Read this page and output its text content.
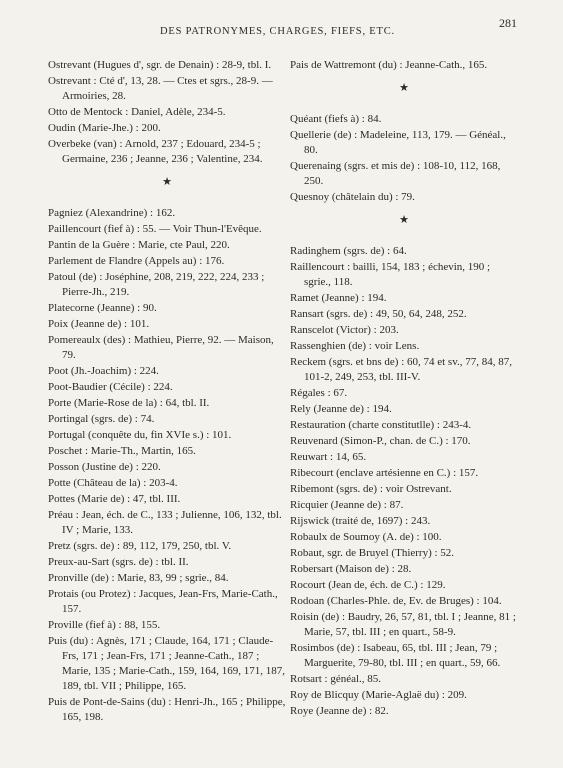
DES PATRONYMES, CHARGES, FIEFS, ETC.
281
Ostrevant (Hugues d', sgr. de Denain) : 28-9, tbl. I.
Ostrevant : Cté d', 13, 28. — Ctes et sgrs., 28-9. — Armoiries, 28.
Otto de Mentock : Daniel, Adèle, 234-5.
Oudin (Marie-Jhe.) : 200.
Overbeke (van) : Arnold, 237 ; Edouard, 234-5 ; Germaine, 236 ; Jeanne, 236 ; Valentine, 234.
★
Pagniez (Alexandrine) : 162.
Paillencourt (fief à) : 55. — Voir Thun-l'Evêque.
Pantin de la Guère : Marie, cte Paul, 220.
Parlement de Flandre (Appels au) : 176.
Patoul (de) : Joséphine, 208, 219, 222, 224, 233 ; Pierre-Jh., 219.
Platecorne (Jeanne) : 90.
Poix (Jeanne de) : 101.
Pomereaulx (des) : Mathieu, Pierre, 92. — Maison, 79.
Poot (Jh.-Joachim) : 224.
Poot-Baudier (Cécile) : 224.
Porte (Marie-Rose de la) : 64, tbl. II.
Portingal (sgrs. de) : 74.
Portugal (conquête du, fin XVIe s.) : 101.
Poschet : Marie-Th., Martin, 165.
Posson (Justine de) : 220.
Potte (Château de la) : 203-4.
Pottes (Marie de) : 47, tbl. III.
Préau : Jean, éch. de C., 133 ; Julienne, 106, 132, tbl. IV ; Marie, 133.
Pretz (sgrs. de) : 89, 112, 179, 250, tbl. V.
Preux-au-Sart (sgrs. de) : tbl. II.
Pronville (de) : Marie, 83, 99 ; sgrie., 84.
Protais (ou Protez) : Jacques, Jean-Frs, Marie-Cath., 157.
Proville (fief à) : 88, 155.
Puis (du) : Agnès, 171 ; Claude, 164, 171 ; Claude-Frs, 171 ; Jean-Frs, 171 ; Jeanne-Cath., 187 ; Marie, 135 ; Marie-Cath., 159, 164, 169, 171, 187, 189, tbl. VII ; Philippe, 165.
Puis de Pont-de-Sains (du) : Henri-Jh., 165 ; Philippe, 165, 198.
Pais de Wattremont (du) : Jeanne-Cath., 165.
★
Quéant (fiefs à) : 84.
Quellerie (de) : Madeleine, 113, 179. — Généal., 80.
Querenaing (sgrs. et mis de) : 108-10, 112, 168, 250.
Quesnoy (châtelain du) : 79.
★
Radinghem (sgrs. de) : 64.
Raillencourt : bailli, 154, 183 ; échevin, 190 ; sgrie., 118.
Ramet (Jeanne) : 194.
Ransart (sgrs. de) : 49, 50, 64, 248, 252.
Ranscelot (Victor) : 203.
Rassenghien (de) : voir Lens.
Reckem (sgrs. et bns de) : 60, 74 et sv., 77, 84, 87, 101-2, 249, 253, tbl. III-V.
Régales : 67.
Rely (Jeanne de) : 194.
Restauration (charte constitutlle) : 243-4.
Reuvenard (Simon-P., chan. de C.) : 170.
Reuwart : 14, 65.
Ribecourt (enclave artésienne en C.) : 157.
Ribemont (sgrs. de) : voir Ostrevant.
Ricquier (Jeanne de) : 87.
Rijswick (traité de, 1697) : 243.
Robaulx de Soumoy (A. de) : 100.
Robaut, sgr. de Bruyel (Thierry) : 52.
Robersart (Maison de) : 28.
Rocourt (Jean de, éch. de C.) : 129.
Rodoan (Charles-Phle. de, Ev. de Bruges) : 104.
Roisin (de) : Baudry, 26, 57, 81, tbl. I ; Jeanne, 81 ; Marie, 57, tbl. III ; en quart., 58-9.
Rosimbos (de) : Isabeau, 65, tbl. III ; Jean, 79 ; Marguerite, 79-80, tbl. III ; en quart., 59, 66.
Rotsart : généal., 85.
Roy de Blicquy (Marie-Aglaë du) : 209.
Roye (Jeanne de) : 82.
